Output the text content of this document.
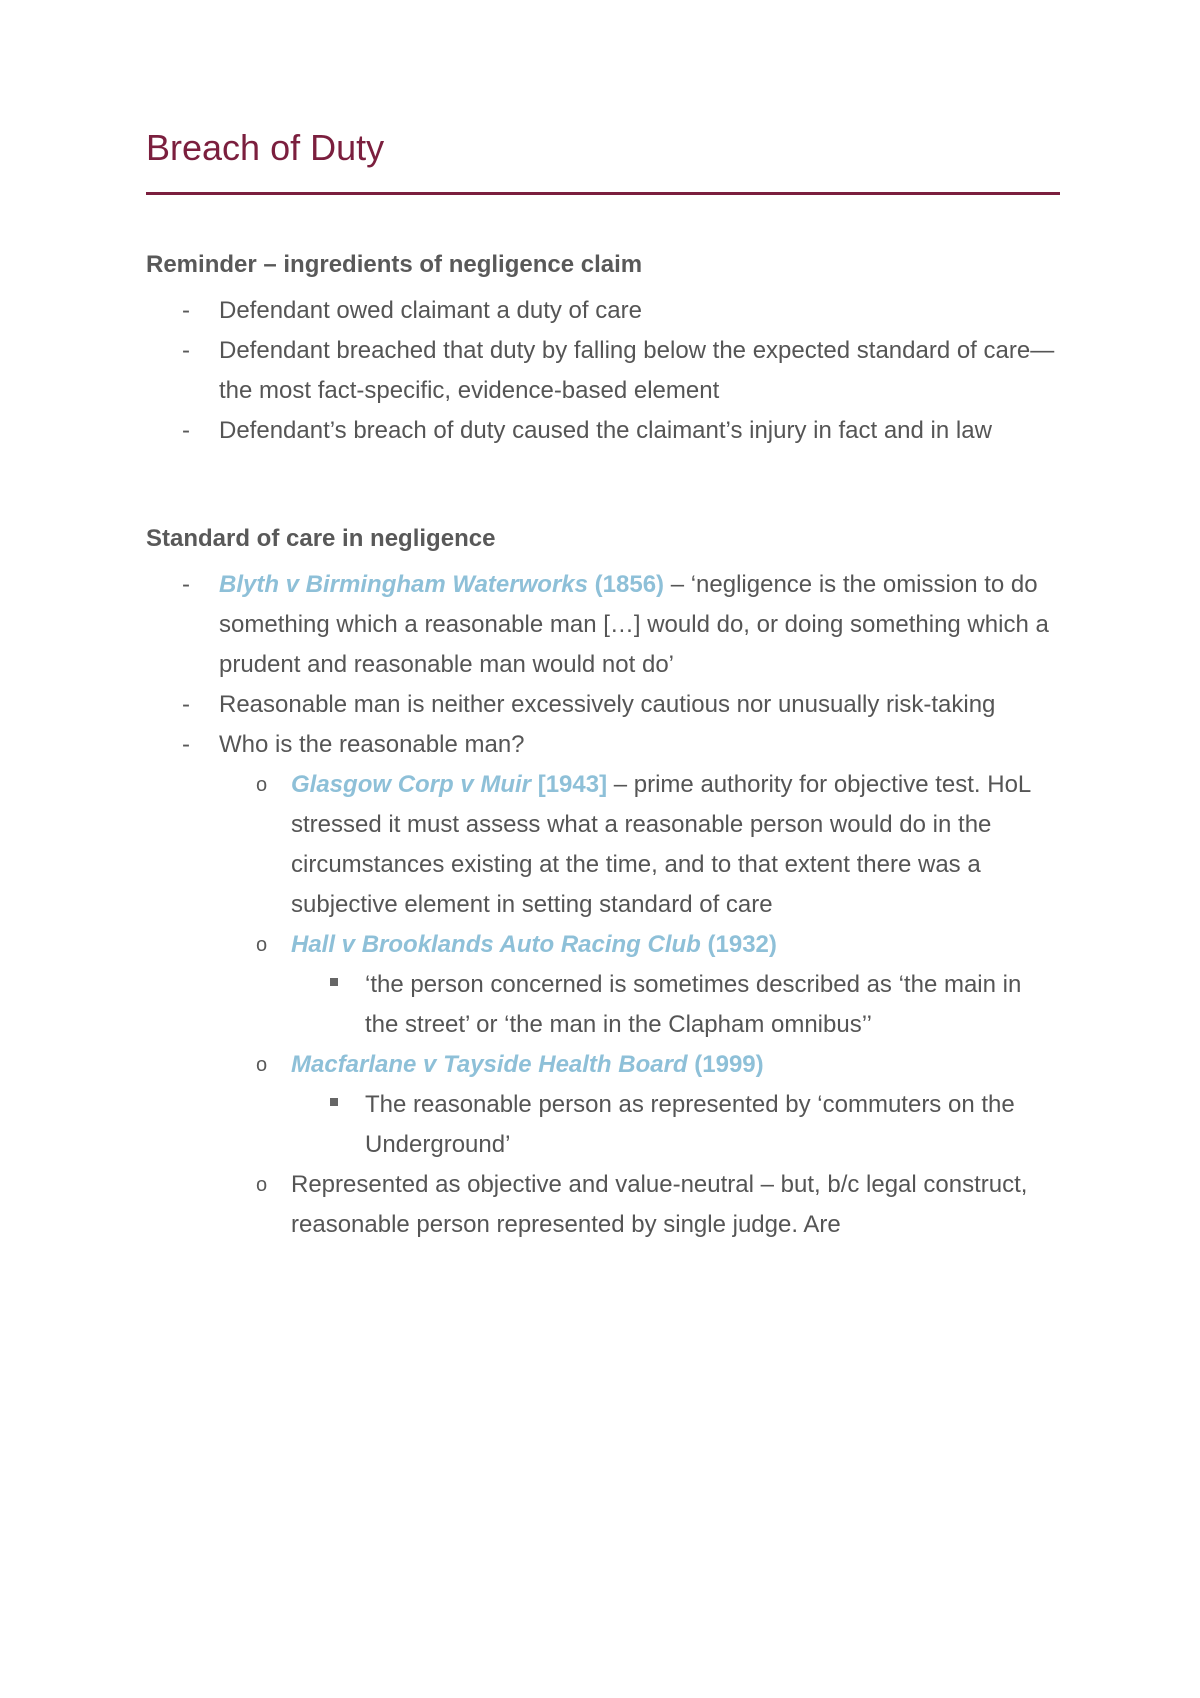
Breach of Duty
Reminder – ingredients of negligence claim
- Defendant owed claimant a duty of care
- Defendant breached that duty by falling below the expected standard of care—the most fact-specific, evidence-based element
- Defendant’s breach of duty caused the claimant’s injury in fact and in law
Standard of care in negligence
- Blyth v Birmingham Waterworks (1856) – ‘negligence is the omission to do something which a reasonable man […] would do, or doing something which a prudent and reasonable man would not do’
- Reasonable man is neither excessively cautious nor unusually risk-taking
- Who is the reasonable man?
o Glasgow Corp v Muir [1943] – prime authority for objective test. HoL stressed it must assess what a reasonable person would do in the circumstances existing at the time, and to that extent there was a subjective element in setting standard of care
o Hall v Brooklands Auto Racing Club (1932)
‘the person concerned is sometimes described as ‘the main in the street’ or ‘the man in the Clapham omnibus’’
o Macfarlane v Tayside Health Board (1999)
The reasonable person as represented by ‘commuters on the Underground’
o Represented as objective and value-neutral – but, b/c legal construct, reasonable person represented by single judge. Are
